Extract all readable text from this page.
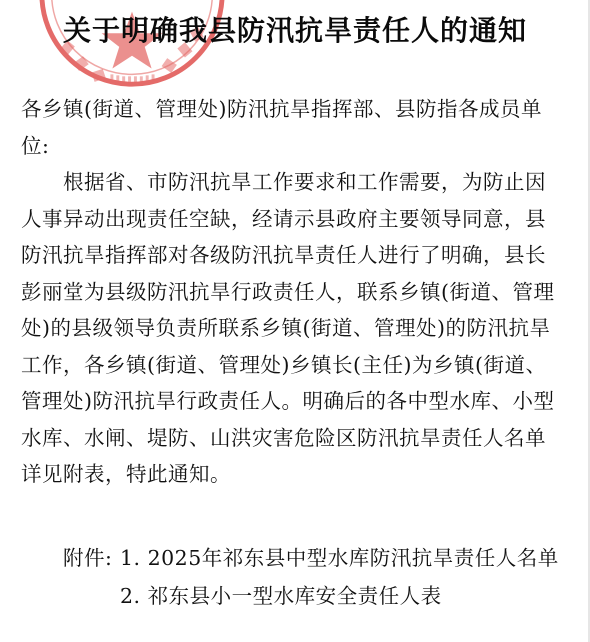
关于明确我县防汛抗旱责任人的通知
各乡镇(街道、管理处)防汛抗旱指挥部、县防指各成员单
位:
根据省、市防汛抗旱工作要求和工作需要，为防止因
人事异动出现责任空缺，经请示县政府主要领导同意，县
防汛抗旱指挥部对各级防汛抗旱责任人进行了明确，县长
彭丽堂为县级防汛抗旱行政责任人，联系乡镇(街道、管理
处)的县级领导负责所联系乡镇(街道、管理处)的防汛抗旱
工作，各乡镇(街道、管理处)乡镇长(主任)为乡镇(街道、
管理处)防汛抗旱行政责任人。明确后的各中型水库、小型
水库、水闸、堤防、山洪灾害危险区防汛抗旱责任人名单
详见附表，特此通知。
附件: 1. 2025年祁东县中型水库防汛抗旱责任人名单
2. 祁东县小一型水库安全责任人表
